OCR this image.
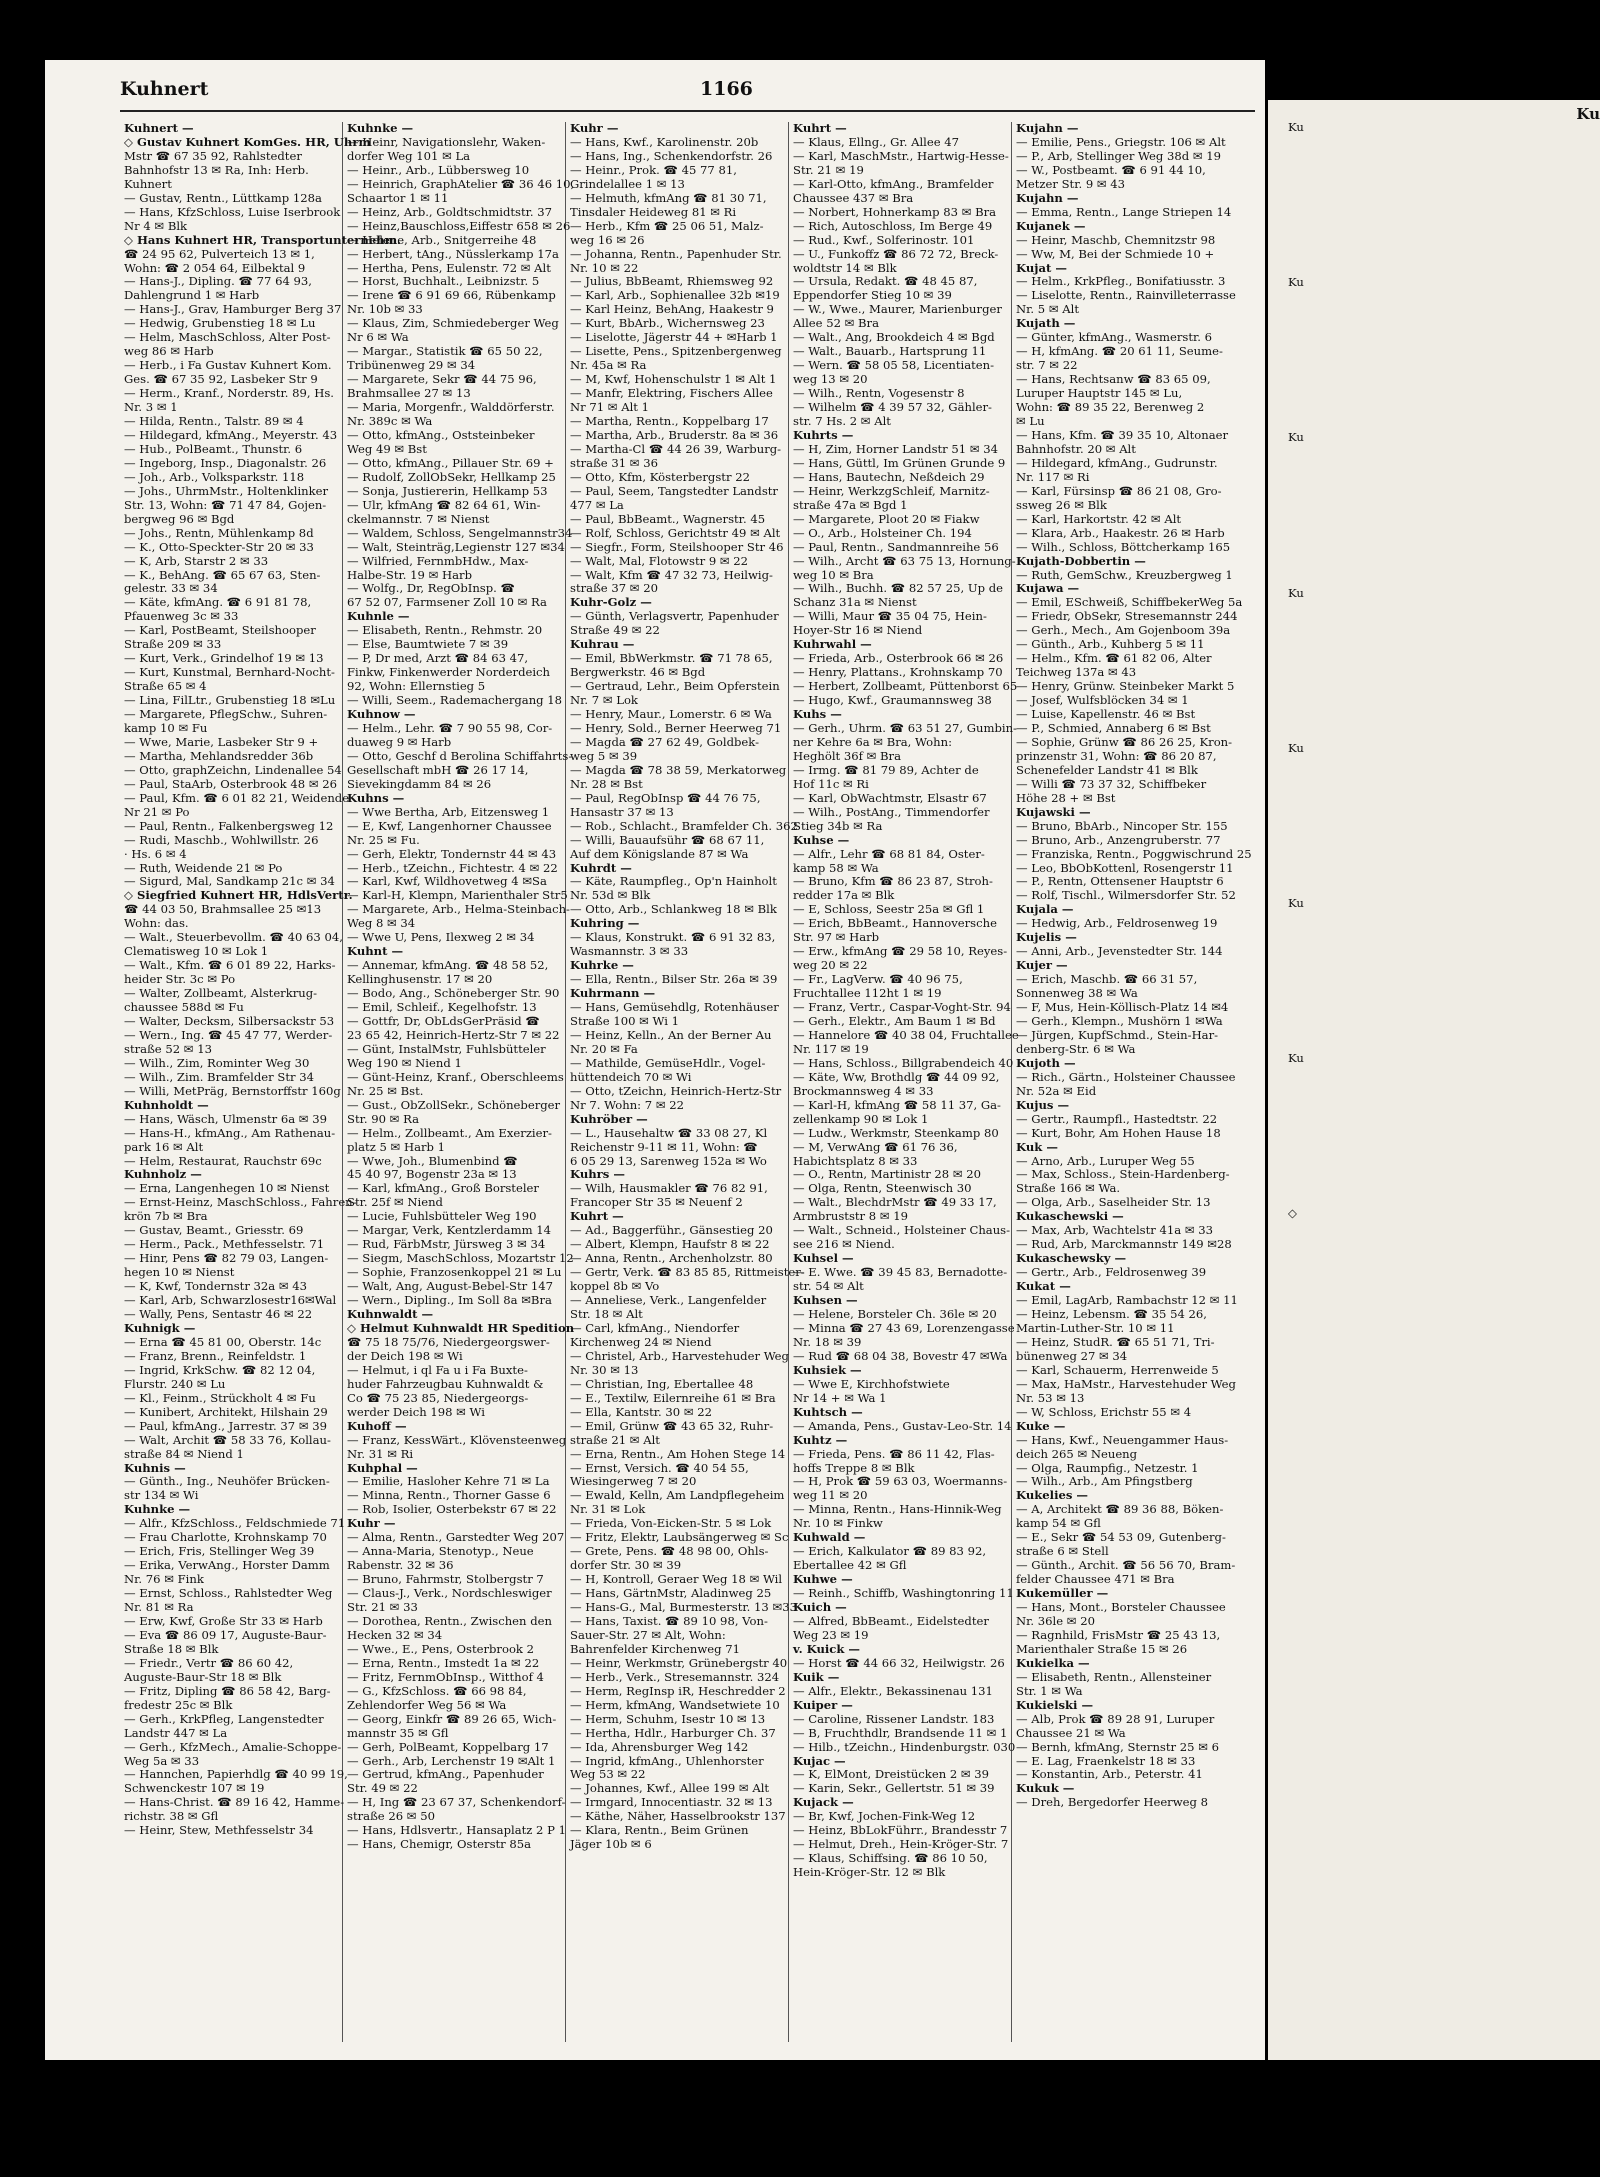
Kuhnert	1166
Kuhnert —
◇ Gustav Kuhnert KomGes. HR, Uhrm
Mstr ☎ 67 35 92, Rahlstedter
Bahnhofstr 13 ✉ Ra, Inh: Herb.
Kuhnert
— Gustav, Rentn., Lüttkamp 128a
— Hans, KfzSchloss, Luise Iserbrook
Nr 4 ✉ Blk
◇ Hans Kuhnert HR, Transportunternehm.
☎ 24 95 62, Pulverteich 13 ✉ 1,
Wohn: ☎ 2 054 64, Eilbektal 9
— Hans-J., Dipling. ☎ 77 64 93,
Dahlengrund 1 ✉ Harb
— Hans-J., Grav, Hamburger Berg 37
— Hedwig, Grubenstieg 18 ✉ Lu
— Helm, MaschSchloss, Alter Post-
weg 86 ✉ Harb
— Herb., i Fa Gustav Kuhnert Kom.
Ges. ☎ 67 35 92, Lasbeker Str 9
— Herm., Kranf., Norderstr. 89, Hs.
Nr. 3 ✉ 1
— Hilda, Rentn., Talstr. 89 ✉ 4
— Hildegard, kfmAng., Meyerstr. 43
— Hub., PolBeamt., Thunstr. 6
— Ingeborg, Insp., Diagonalstr. 26
— Joh., Arb., Volksparkstr. 118
— Johs., UhrmMstr., Holtenklinker
Str. 13, Wohn: ☎ 71 47 84, Gojen-
bergweg 96 ✉ Bgd
— Johs., Rentn, Mühlenkamp 8d
— K., Otto-Speckter-Str 20 ✉ 33
— K, Arb, Starstr 2 ✉ 33
— K., BehAng. ☎ 65 67 63, Sten-
gelestr. 33 ✉ 34
— Käte, kfmAng. ☎ 6 91 81 78,
Pfauenweg 3c ✉ 33
— Karl, PostBeamt, Steilshooper
Straße 209 ✉ 33
— Kurt, Verk., Grindelhof 19 ✉ 13
— Kurt, Kunstmal, Bernhard-Nocht-
Straße 65 ✉ 4
— Lina, FilLtr., Grubenstieg 18 ✉Lu
— Margarete, PflegSchw., Suhren-
kamp 10 ✉ Fu
— Wwe, Marie, Lasbeker Str 9 +
— Martha, Mehlandsredder 36b
— Otto, graphZeichn, Lindenallee 54
— Paul, StaArb, Osterbrook 48 ✉ 26
— Paul, Kfm. ☎ 6 01 82 21, Weidende
Nr 21 ✉ Po
— Paul, Rentn., Falkenbergsweg 12
— Rudi, Maschb., Wohlwillstr. 26
· Hs. 6 ✉ 4
— Ruth, Weidende 21 ✉ Po
— Sigurd, Mal, Sandkamp 21c ✉ 34
◇ Siegfried Kuhnert HR, HdlsVertr.
☎ 44 03 50, Brahmsallee 25 ✉13
Wohn: das.
— Walt., Steuerbevollm. ☎ 40 63 04,
Clematisweg 10 ✉ Lok 1
— Walt., Kfm. ☎ 6 01 89 22, Harks-
heider Str. 3c ✉ Po
— Walter, Zollbeamt, Alsterkrug-
chaussee 588d ✉ Fu
— Walter, Decksm, Silbersackstr 53
— Wern., Ing. ☎ 45 47 77, Werder-
straße 52 ✉ 13
— Wilh., Zim, Rominter Weg 30
— Wilh., Zim. Bramfelder Str 34
— Willi, MetPräg, Bernstorffstr 160g
Kuhnholdt —
— Hans, Wäsch, Ulmenstr 6a ✉ 39
— Hans-H., kfmAng., Am Rathenau-
park 16 ✉ Alt
— Helm, Restaurat, Rauchstr 69c
Kuhnholz —
— Erna, Langenhegen 10 ✉ Nienst
— Ernst-Heinz, MaschSchloss., Fahren-
krön 7b ✉ Bra
— Gustav, Beamt., Griesstr. 69
— Herm., Pack., Methfesselstr. 71
— Hinr, Pens ☎ 82 79 03, Langen-
hegen 10 ✉ Nienst
— K, Kwf, Tondernstr 32a ✉ 43
— Karl, Arb, Schwarzlosestr16✉Wal
— Wally, Pens, Sentastr 46 ✉ 22
Kuhnigk —
— Erna ☎ 45 81 00, Oberstr. 14c
— Franz, Brenn., Reinfeldstr. 1
— Ingrid, KrkSchw. ☎ 82 12 04,
Flurstr. 240 ✉ Lu
— Kl., Feinm., Strückholt 4 ✉ Fu
— Kunibert, Architekt, Hilshain 29
— Paul, kfmAng., Jarrestr. 37 ✉ 39
— Walt, Archit ☎ 58 33 76, Kollau-
straße 84 ✉ Niend 1
Kuhnis —
— Günth., Ing., Neuhöfer Brücken-
str 134 ✉ Wi
Kuhnke —
— Alfr., KfzSchloss., Feldschmiede 71
— Frau Charlotte, Krohnskamp 70
— Erich, Fris, Stellinger Weg 39
— Erika, VerwAng., Horster Damm
Nr. 76 ✉ Fink
— Ernst, Schloss., Rahlstedter Weg
Nr. 81 ✉ Ra
— Erw, Kwf, Große Str 33 ✉ Harb
— Eva ☎ 86 09 17, Auguste-Baur-
Straße 18 ✉ Blk
— Friedr., Vertr ☎ 86 60 42,
Auguste-Baur-Str 18 ✉ Blk
— Fritz, Dipling ☎ 86 58 42, Barg-
fredestr 25c ✉ Blk
— Gerh., KrkPfleg, Langenstedter
Landstr 447 ✉ La
— Gerh., KfzMech., Amalie-Schoppe-
Weg 5a ✉ 33
— Hannchen, Papierhdlg ☎ 40 99 19,
Schwenckestr 107 ✉ 19
— Hans-Christ. ☎ 89 16 42, Hamme-
richstr. 38 ✉ Gfl
— Heinr, Stew, Methfesselstr 34
Kuhnke —
— Heinr, Navigationslehr, Waken-
dorfer Weg 101 ✉ La
— Heinr., Arb., Lübbersweg 10
— Heinrich, GraphAtelier ☎ 36 46 10,
Schaartor 1 ✉ 11
— Heinz, Arb., Goldtschmidtstr. 37
— Heinz,Bauschloss,Eiffestr 658 ✉ 26
— Helene, Arb., Snitgerreihe 48
— Herbert, tAng., Nüsslerkamp 17a
— Hertha, Pens, Eulenstr. 72 ✉ Alt
— Horst, Buchhalt., Leibnizstr. 5
— Irene ☎ 6 91 69 66, Rübenkamp
Nr. 10b ✉ 33
— Klaus, Zim, Schmiedeberger Weg
Nr 6 ✉ Wa
— Margar., Statistik ☎ 65 50 22,
Tribünenweg 29 ✉ 34
— Margarete, Sekr ☎ 44 75 96,
Brahmsallee 27 ✉ 13
— Maria, Morgenfr., Walddörferstr.
Nr. 389c ✉ Wa
— Otto, kfmAng., Oststeinbeker
Weg 49 ✉ Bst
— Otto, kfmAng., Pillauer Str. 69 +
— Rudolf, ZollObSekr, Hellkamp 25
— Sonja, Justiererin, Hellkamp 53
— Ulr, kfmAng ☎ 82 64 61, Win-
ckelmannstr. 7 ✉ Nienst
— Waldem, Schloss, Sengelmannstr34
— Walt, Steinträg,Legienstr 127 ✉34
— Wilfried, FernmbHdw., Max-
Halbe-Str. 19 ✉ Harb
— Wolfg., Dr, RegObInsp. ☎
67 52 07, Farmsener Zoll 10 ✉ Ra
Kuhnle —
— Elisabeth, Rentn., Rehmstr. 20
— Else, Baumtwiete 7 ✉ 39
— P, Dr med, Arzt ☎ 84 63 47,
Finkw, Finkenwerder Norderdeich
92, Wohn: Ellernstieg 5
— Willi, Seem., Rademachergang 18
Kuhnow —
— Helm., Lehr. ☎ 7 90 55 98, Cor-
duaweg 9 ✉ Harb
— Otto, Geschf d Berolina Schiffahrts-
Gesellschaft mbH ☎ 26 17 14,
Sievekingdamm 84 ✉ 26
Kuhns —
— Wwe Bertha, Arb, Eitzensweg 1
— E, Kwf, Langenhorner Chaussee
Nr. 25 ✉ Fu.
— Gerh, Elektr, Tondernstr 44 ✉ 43
— Herb., tZeichn., Fichtestr. 4 ✉ 22
— Karl, Kwf, Wildhovetweg 4 ✉Sa
— Karl-H, Klempn, Marienthaler Str5
— Margarete, Arb., Helma-Steinbach-
Weg 8 ✉ 34
— Wwe U, Pens, Ilexweg 2 ✉ 34
Kuhnt —
— Annemar, kfmAng. ☎ 48 58 52,
Kellinghusenstr. 17 ✉ 20
— Bodo, Ang., Schöneberger Str. 90
— Emil, Schleif., Kegelhofstr. 13
— Gottfr, Dr, ObLdsGerPräsid ☎
23 65 42, Heinrich-Hertz-Str 7 ✉ 22
— Günt, InstalMstr, Fuhlsbütteler
Weg 190 ✉ Niend 1
— Günt-Heinz, Kranf., Oberschleems
Nr. 25 ✉ Bst.
— Gust., ObZollSekr., Schöneberger
Str. 90 ✉ Ra
— Helm., Zollbeamt., Am Exerzier-
platz 5 ✉ Harb 1
— Wwe, Joh., Blumenbind ☎
45 40 97, Bogenstr 23a ✉ 13
— Karl, kfmAng., Groß Borsteler
Str. 25f ✉ Niend
— Lucie, Fuhlsbütteler Weg 190
— Margar, Verk, Kentzlerdamm 14
— Rud, FärbMstr, Jürsweg 3 ✉ 34
— Siegm, MaschSchloss, Mozartstr 12
— Sophie, Franzosenkoppel 21 ✉ Lu
— Walt, Ang, August-Bebel-Str 147
— Wern., Dipling., Im Soll 8a ✉Bra
Kuhnwaldt —
◇ Helmut Kuhnwaldt HR Spedition
☎ 75 18 75/76, Niedergeorgswer-
der Deich 198 ✉ Wi
— Helmut, i ql Fa u i Fa Buxte-
huder Fahrzeugbau Kuhnwaldt &
Co ☎ 75 23 85, Niedergeorgs-
werder Deich 198 ✉ Wi
Kuhoff —
— Franz, KessWärt., Klövensteenweg
Nr. 31 ✉ Ri
Kuhphal —
— Emilie, Hasloher Kehre 71 ✉ La
— Minna, Rentn., Thorner Gasse 6
— Rob, Isolier, Osterbekstr 67 ✉ 22
Kuhr —
— Alma, Rentn., Garstedter Weg 207
— Anna-Maria, Stenotyp., Neue
Rabenstr. 32 ✉ 36
— Bruno, Fahrmstr, Stolbergstr 7
— Claus-J., Verk., Nordschleswiger
Str. 21 ✉ 33
— Dorothea, Rentn., Zwischen den
Hecken 32 ✉ 34
— Wwe., E., Pens, Osterbrook 2
— Erna, Rentn., Imstedt 1a ✉ 22
— Fritz, FernmObInsp., Witthof 4
— G., KfzSchloss. ☎ 66 98 84,
Zehlendorfer Weg 56 ✉ Wa
— Georg, Einkfr ☎ 89 26 65, Wich-
mannstr 35 ✉ Gfl
— Gerh, PolBeamt, Koppelbarg 17
— Gerh., Arb, Lerchenstr 19 ✉Alt 1
— Gertrud, kfmAng., Papenhuder
Str. 49 ✉ 22
— H, Ing ☎ 23 67 37, Schenkendorf-
straße 26 ✉ 50
— Hans, Hdlsvertr., Hansaplatz 2 P 1
— Hans, Chemigr, Osterstr 85a
Kuhr —
— Hans, Kwf., Karolinenstr. 20b
— Hans, Ing., Schenkendorfstr. 26
— Heinr., Prok. ☎ 45 77 81,
Grindelallee 1 ✉ 13
— Helmuth, kfmAng ☎ 81 30 71,
Tinsdaler Heideweg 81 ✉ Ri
— Herb., Kfm ☎ 25 06 51, Malz-
weg 16 ✉ 26
— Johanna, Rentn., Papenhuder Str.
Nr. 10 ✉ 22
— Julius, BbBeamt, Rhiemsweg 92
— Karl, Arb., Sophienallee 32b ✉19
— Karl Heinz, BehAng, Haakestr 9
— Kurt, BbArb., Wichernsweg 23
— Liselotte, Jägerstr 44 + ✉Harb 1
— Lisette, Pens., Spitzenbergenweg
Nr. 45a ✉ Ra
— M, Kwf, Hohenschulstr 1 ✉ Alt 1
— Manfr, Elektring, Fischers Allee
Nr 71 ✉ Alt 1
— Martha, Rentn., Koppelbarg 17
— Martha, Arb., Bruderstr. 8a ✉ 36
— Martha-Cl ☎ 44 26 39, Warburg-
straße 31 ✉ 36
— Otto, Kfm, Kösterbergstr 22
— Paul, Seem, Tangstedter Landstr
477 ✉ La
— Paul, BbBeamt., Wagnerstr. 45
— Rolf, Schloss, Gerichtstr 49 ✉ Alt
— Siegfr., Form, Steilshooper Str 46
— Walt, Mal, Flotowstr 9 ✉ 22
— Walt, Kfm ☎ 47 32 73, Heilwig-
straße 37 ✉ 20
Kuhr-Golz —
— Günth, Verlagsvertr, Papenhuder
Straße 49 ✉ 22
Kuhrau —
— Emil, BbWerkmstr. ☎ 71 78 65,
Bergwerkstr. 46 ✉ Bgd
— Gertraud, Lehr., Beim Opferstein
Nr. 7 ✉ Lok
— Henry, Maur., Lomerstr. 6 ✉ Wa
— Henry, Sold., Berner Heerweg 71
— Magda ☎ 27 62 49, Goldbek-
weg 5 ✉ 39
— Magda ☎ 78 38 59, Merkatorweg
Nr. 28 ✉ Bst
— Paul, RegObInsp ☎ 44 76 75,
Hansastr 37 ✉ 13
— Rob., Schlacht., Bramfelder Ch. 362
— Willi, Bauaufsühr ☎ 68 67 11,
Auf dem Königslande 87 ✉ Wa
Kuhrdt —
— Käte, Raumpfleg., Op'n Hainholt
Nr. 53d ✉ Blk
— Otto, Arb., Schlankweg 18 ✉ Blk
Kuhring —
— Klaus, Konstrukt. ☎ 6 91 32 83,
Wasmannstr. 3 ✉ 33
Kuhrke —
— Ella, Rentn., Bilser Str. 26a ✉ 39
Kuhrmann —
— Hans, Gemüsehdlg, Rotenhäuser
Straße 100 ✉ Wi 1
— Heinz, Kelln., An der Berner Au
Nr. 20 ✉ Fa
— Mathilde, GemüseHdlr., Vogel-
hüttendeich 70 ✉ Wi
— Otto, tZeichn, Heinrich-Hertz-Str
Nr 7. Wohn: 7 ✉ 22
Kuhröber —
— L., Hausehaltw ☎ 33 08 27, Kl
Reichenstr 9-11 ✉ 11, Wohn: ☎
6 05 29 13, Sarenweg 152a ✉ Wo
Kuhrs —
— Wilh, Hausmakler ☎ 76 82 91,
Francoper Str 35 ✉ Neuenf 2
Kuhrt —
— Ad., Baggerführ., Gänsestieg 20
— Albert, Klempn, Haufstr 8 ✉ 22
— Anna, Rentn., Archenholzstr. 80
— Gertr, Verk. ☎ 83 85 85, Rittmeister-
koppel 8b ✉ Vo
— Anneliese, Verk., Langenfelder
Str. 18 ✉ Alt
— Carl, kfmAng., Niendorfer
Kirchenweg 24 ✉ Niend
— Christel, Arb., Harvestehuder Weg
Nr. 30 ✉ 13
— Christian, Ing, Ebertallee 48
— E., Textilw, Eilernreihe 61 ✉ Bra
— Ella, Kantstr. 30 ✉ 22
— Emil, Grünw ☎ 43 65 32, Ruhr-
straße 21 ✉ Alt
— Erna, Rentn., Am Hohen Stege 14
— Ernst, Versich. ☎ 40 54 55,
Wiesingerweg 7 ✉ 20
— Ewald, Kelln, Am Landpflegeheim
Nr. 31 ✉ Lok
— Frieda, Von-Eicken-Str. 5 ✉ Lok
— Fritz, Elektr, Laubsängerweg ✉ Sc
— Grete, Pens. ☎ 48 98 00, Ohls-
dorfer Str. 30 ✉ 39
— H, Kontroll, Geraer Weg 18 ✉ Wil
— Hans, GärtnMstr, Aladinweg 25
— Hans-G., Mal, Burmesterstr. 13 ✉33
— Hans, Taxist. ☎ 89 10 98, Von-
Sauer-Str. 27 ✉ Alt, Wohn:
Bahrenfelder Kirchenweg 71
— Heinr, Werkmstr, Grünebergstr 40
— Herb., Verk., Stresemannstr. 324
— Herm, RegInsp iR, Heschredder 2
— Herm, kfmAng, Wandsetwiete 10
— Herm, Schuhm, Isestr 10 ✉ 13
— Hertha, Hdlr., Harburger Ch. 37
— Ida, Ahrensburger Weg 142
— Ingrid, kfmAng., Uhlenhorster
Weg 53 ✉ 22
— Johannes, Kwf., Allee 199 ✉ Alt
— Irmgard, Innocentiastr. 32 ✉ 13
— Käthe, Näher, Hasselbrookstr 137
— Klara, Rentn., Beim Grünen
Jäger 10b ✉ 6
Kuhrt —
— Klaus, Ellng., Gr. Allee 47
— Karl, MaschMstr., Hartwig-Hesse-
Str. 21 ✉ 19
— Karl-Otto, kfmAng., Bramfelder
Chaussee 437 ✉ Bra
— Norbert, Hohnerkamp 83 ✉ Bra
— Rich, Autoschloss, Im Berge 49
— Rud., Kwf., Solferinostr. 101
— U., Funkoffz ☎ 86 72 72, Breck-
woldtstr 14 ✉ Blk
— Ursula, Redakt. ☎ 48 45 87,
Eppendorfer Stieg 10 ✉ 39
— W., Wwe., Maurer, Marienburger
Allee 52 ✉ Bra
— Walt., Ang, Brookdeich 4 ✉ Bgd
— Walt., Bauarb., Hartsprung 11
— Wern. ☎ 58 05 58, Licentiaten-
weg 13 ✉ 20
— Wilh., Rentn, Vogesenstr 8
— Wilhelm ☎ 4 39 57 32, Gähler-
str. 7 Hs. 2 ✉ Alt
Kuhrts —
— H, Zim, Horner Landstr 51 ✉ 34
— Hans, Güttl, Im Grünen Grunde 9
— Hans, Bautechn, Neßdeich 29
— Heinr, WerkzgSchleif, Marnitz-
straße 47a ✉ Bgd 1
— Margarete, Ploot 20 ✉ Fiakw
— O., Arb., Holsteiner Ch. 194
— Paul, Rentn., Sandmannreihe 56
— Wilh., Archt ☎ 63 75 13, Hornung-
weg 10 ✉ Bra
— Wilh., Buchh. ☎ 82 57 25, Up de
Schanz 31a ✉ Nienst
— Willi, Maur ☎ 35 04 75, Hein-
Hoyer-Str 16 ✉ Niend
Kuhrwahl —
— Frieda, Arb., Osterbrook 66 ✉ 26
— Henry, Plattans., Krohnskamp 70
— Herbert, Zollbeamt, Püttenborst 65
— Hugo, Kwf., Graumannsweg 38
Kuhs —
— Gerh., Uhrm. ☎ 63 51 27, Gumbin-
ner Kehre 6a ✉ Bra, Wohn:
Heghölt 36f ✉ Bra
— Irmg. ☎ 81 79 89, Achter de
Hof 11c ✉ Ri
— Karl, ObWachtmstr, Elsastr 67
— Wilh., PostAng., Timmendorfer
Stieg 34b ✉ Ra
Kuhse —
— Alfr., Lehr ☎ 68 81 84, Oster-
kamp 58 ✉ Wa
— Bruno, Kfm ☎ 86 23 87, Stroh-
redder 17a ✉ Blk
— E, Schloss, Seestr 25a ✉ Gfl 1
— Erich, BbBeamt., Hannoversche
Str. 97 ✉ Harb
— Erw., kfmAng ☎ 29 58 10, Reyes-
weg 20 ✉ 22
— Fr., LagVerw. ☎ 40 96 75,
Fruchtallee 112ht 1 ✉ 19
— Franz, Vertr., Caspar-Voght-Str. 94
— Gerh., Elektr., Am Baum 1 ✉ Bd
— Hannelore ☎ 40 38 04, Fruchtallee
Nr. 117 ✉ 19
— Hans, Schloss., Billgrabendeich 40
— Käte, Ww, Brothdlg ☎ 44 09 92,
Brockmannsweg 4 ✉ 33
— Karl-H, kfmAng ☎ 58 11 37, Ga-
zellenkamp 90 ✉ Lok 1
— Ludw., Werkmstr, Steenkamp 80
— M, VerwAng ☎ 61 76 36,
Habichtsplatz 8 ✉ 33
— O., Rentn, Martinistr 28 ✉ 20
— Olga, Rentn, Steenwisch 30
— Walt., BlechdrMstr ☎ 49 33 17,
Armbruststr 8 ✉ 19
— Walt., Schneid., Holsteiner Chaus-
see 216 ✉ Niend.
Kuhsel —
— E. Wwe. ☎ 39 45 83, Bernadotte-
str. 54 ✉ Alt
Kuhsen —
— Helene, Borsteler Ch. 36le ✉ 20
— Minna ☎ 27 43 69, Lorenzengasse
Nr. 18 ✉ 39
— Rud ☎ 68 04 38, Bovestr 47 ✉Wa
Kuhsiek —
— Wwe E, Kirchhofstwiete
Nr 14 + ✉ Wa 1
Kuhtsch —
— Amanda, Pens., Gustav-Leo-Str. 14
Kuhtz —
— Frieda, Pens. ☎ 86 11 42, Flas-
hoffs Treppe 8 ✉ Blk
— H, Prok ☎ 59 63 03, Woermanns-
weg 11 ✉ 20
— Minna, Rentn., Hans-Hinnik-Weg
Nr. 10 ✉ Finkw
Kuhwald —
— Erich, Kalkulator ☎ 89 83 92,
Ebertallee 42 ✉ Gfl
Kuhwe —
— Reinh., Schiffb, Washingtonring 11
Kuich —
— Alfred, BbBeamt., Eidelstedter
Weg 23 ✉ 19
v. Kuick —
— Horst ☎ 44 66 32, Heilwigstr. 26
Kuik —
— Alfr., Elektr., Bekassinenau 131
Kuiper —
— Caroline, Rissener Landstr. 183
— B, Fruchthdlr, Brandsende 11 ✉ 1
— Hilb., tZeichn., Hindenburgstr. 030
Kujac —
— K, ElMont, Dreistücken 2 ✉ 39
— Karin, Sekr., Gellertstr. 51 ✉ 39
Kujack —
— Br, Kwf, Jochen-Fink-Weg 12
— Heinz, BbLokFührr., Brandesstr 7
— Helmut, Dreh., Hein-Kröger-Str. 7
— Klaus, Schiffsing. ☎ 86 10 50,
Hein-Kröger-Str. 12 ✉ Blk
Kujahn —
— Emilie, Pens., Griegstr. 106 ✉ Alt
— P., Arb, Stellinger Weg 38d ✉ 19
— W., Postbeamt. ☎ 6 91 44 10,
Metzer Str. 9 ✉ 43
Kujahn —
— Emma, Rentn., Lange Striepen 14
Kujanek —
— Heinr, Maschb, Chemnitzstr 98
— Ww, M, Bei der Schmiede 10 +
Kujat —
— Helm., KrkPfleg., Bonifatiusstr. 3
— Liselotte, Rentn., Rainvilleterrasse
Nr. 5 ✉ Alt
Kujath —
— Günter, kfmAng., Wasmerstr. 6
— H, kfmAng. ☎ 20 61 11, Seume-
str. 7 ✉ 22
— Hans, Rechtsanw ☎ 83 65 09,
Luruper Hauptstr 145 ✉ Lu,
Wohn: ☎ 89 35 22, Berenweg 2
✉ Lu
— Hans, Kfm. ☎ 39 35 10, Altonaer
Bahnhofstr. 20 ✉ Alt
— Hildegard, kfmAng., Gudrunstr.
Nr. 117 ✉ Ri
— Karl, Fürsinsp ☎ 86 21 08, Gro-
ssweg 26 ✉ Blk
— Karl, Harkortstr. 42 ✉ Alt
— Klara, Arb., Haakestr. 26 ✉ Harb
— Wilh., Schloss, Böttcherkamp 165
Kujath-Dobbertin —
— Ruth, GemSchw., Kreuzbergweg 1
Kujawa —
— Emil, ESchweiß, SchiffbekerWeg 5a
— Friedr, ObSekr, Stresemannstr 244
— Gerh., Mech., Am Gojenboom 39a
— Günth., Arb., Kuhberg 5 ✉ 11
— Helm., Kfm. ☎ 61 82 06, Alter
Teichweg 137a ✉ 43
— Henry, Grünw. Steinbeker Markt 5
— Josef, Wulfsblöcken 34 ✉ 1
— Luise, Kapellenstr. 46 ✉ Bst
— P., Schmied, Annaberg 6 ✉ Bst
— Sophie, Grünw ☎ 86 26 25, Kron-
prinzenstr 31, Wohn: ☎ 86 20 87,
Schenefelder Landstr 41 ✉ Blk
— Willi ☎ 73 37 32, Schiffbeker
Höhe 28 + ✉ Bst
Kujawski —
— Bruno, BbArb., Nincoper Str. 155
— Bruno, Arb., Anzengruberstr. 77
— Franziska, Rentn., Poggwischrund 25
— Leo, BbObKottenl, Rosengerstr 11
— P., Rentn, Ottensener Hauptstr 6
— Rolf, Tischl., Wilmersdorfer Str. 52
Kujala —
— Hedwig, Arb., Feldrosenweg 19
Kujelis —
— Anni, Arb., Jevenstedter Str. 144
Kujer —
— Erich, Maschb. ☎ 66 31 57,
Sonnenweg 38 ✉ Wa
— F, Mus, Hein-Köllisch-Platz 14 ✉4
— Gerh., Klempn., Mushörn 1 ✉Wa
— Jürgen, KupfSchmd., Stein-Har-
denberg-Str. 6 ✉ Wa
Kujoth —
— Rich., Gärtn., Holsteiner Chaussee
Nr. 52a ✉ Eid
Kujus —
— Gertr., Raumpfl., Hastedtstr. 22
— Kurt, Bohr, Am Hohen Hause 18
Kuk —
— Arno, Arb., Luruper Weg 55
— Max, Schloss., Stein-Hardenberg-
Straße 166 ✉ Wa.
— Olga, Arb., Saselheider Str. 13
Kukaschewski —
— Max, Arb, Wachtelstr 41a ✉ 33
— Rud, Arb, Marckmannstr 149 ✉28
Kukaschewsky —
— Gertr., Arb., Feldrosenweg 39
Kukat —
— Emil, LagArb, Rambachstr 12 ✉ 11
— Heinz, Lebensm. ☎ 35 54 26,
Martin-Luther-Str. 10 ✉ 11
— Heinz, StudR. ☎ 65 51 71, Tri-
bünenweg 27 ✉ 34
— Karl, Schauerm, Herrenweide 5
— Max, HaMstr., Harvestehuder Weg
Nr. 53 ✉ 13
— W, Schloss, Erichstr 55 ✉ 4
Kuke —
— Hans, Kwf., Neuengammer Haus-
deich 265 ✉ Neueng
— Olga, Raumpfig., Netzestr. 1
— Wilh., Arb., Am Pfingstberg
Kukelies —
— A, Architekt ☎ 89 36 88, Böken-
kamp 54 ✉ Gfl
— E., Sekr ☎ 54 53 09, Gutenberg-
straße 6 ✉ Stell
— Günth., Archit. ☎ 56 56 70, Bram-
felder Chaussee 471 ✉ Bra
Kukemüller —
— Hans, Mont., Borsteler Chaussee
Nr. 36le ✉ 20
— Ragnhild, FrisMstr ☎ 25 43 13,
Marienthaler Straße 15 ✉ 26
Kukielka —
— Elisabeth, Rentn., Allensteiner
Str. 1 ✉ Wa
Kukielski —
— Alb, Prok ☎ 89 28 91, Luruper
Chaussee 21 ✉ Wa
— Bernh, kfmAng, Sternstr 25 ✉ 6
— E. Lag, Fraenkelstr 18 ✉ 33
— Konstantin, Arb., Peterstr. 41
Kukuk —
— Dreh, Bergedorfer Heerweg 8
Ku
Ku
Ku
Ku
Ku
Ku
Ku
Ku
◇
